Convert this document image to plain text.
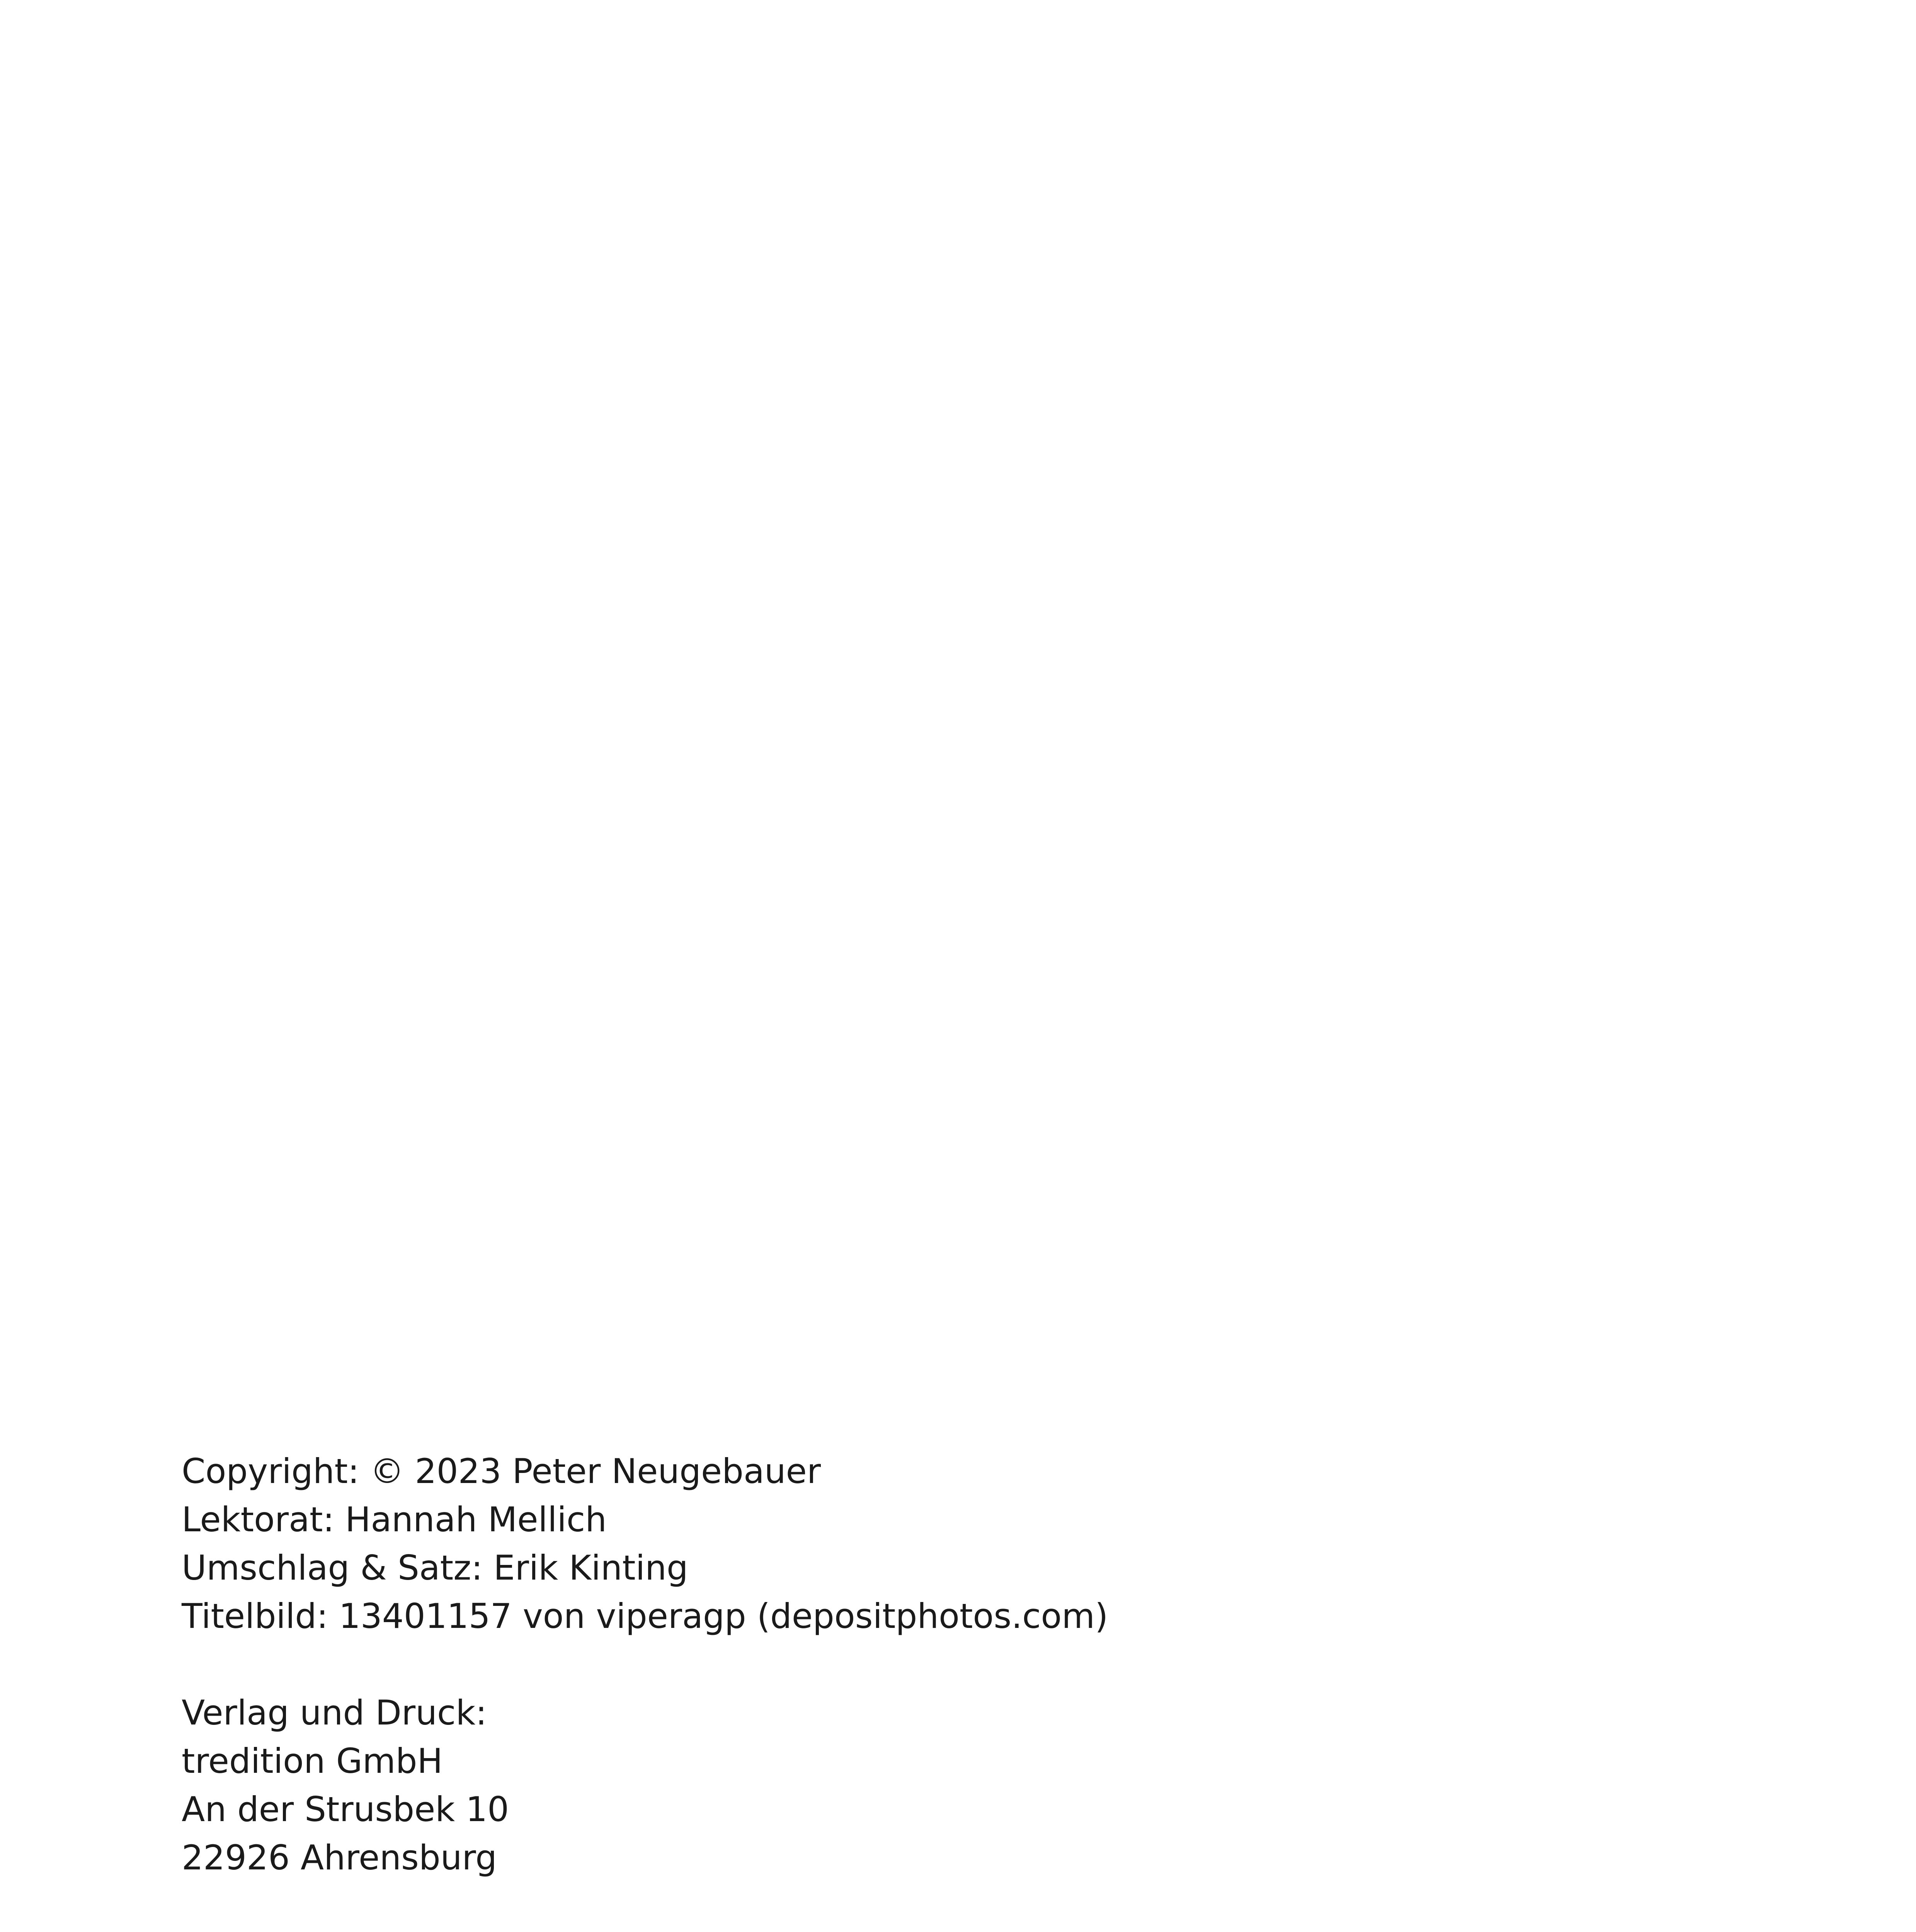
Copyright: © 2023 Peter Neugebauer
Lektorat: Hannah Mellich
Umschlag & Satz: Erik Kinting
Titelbild: 13401157 von viperagp (depositphotos.com)
Verlag und Druck:
tredition GmbH
An der Strusbek 10
22926 Ahrensburg
